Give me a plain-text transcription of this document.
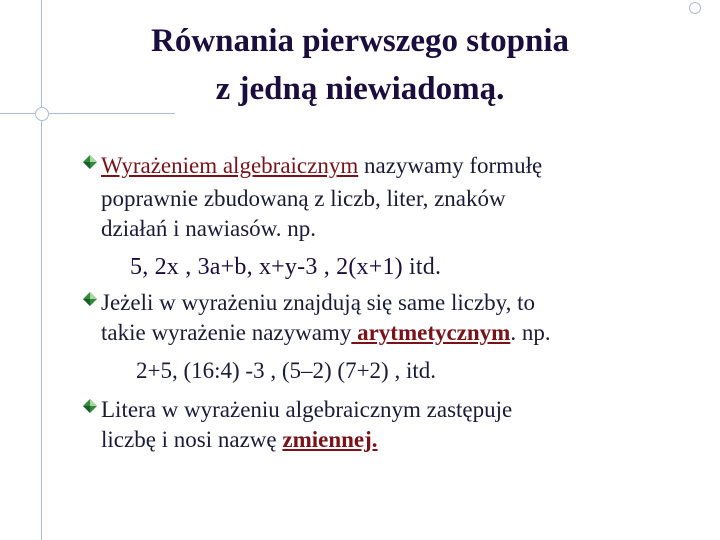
Równania pierwszego stopnia
z jedną niewiadomą.
Wyrażeniem algebraicznym nazywamy formułę
poprawnie zbudowaną z liczb, liter, znaków
działań i nawiasów. np.
5, 2x , 3a+b, x+y-3 , 2(x+1) itd.
Jeżeli w wyrażeniu znajdują się same liczby, to
takie wyrażenie nazywamy arytmetycznym. np.
2+5, (16:4) -3 , (5–2) (7+2) , itd.
Litera w wyrażeniu algebraicznym zastępuje
liczbę i nosi nazwę zmiennej.
